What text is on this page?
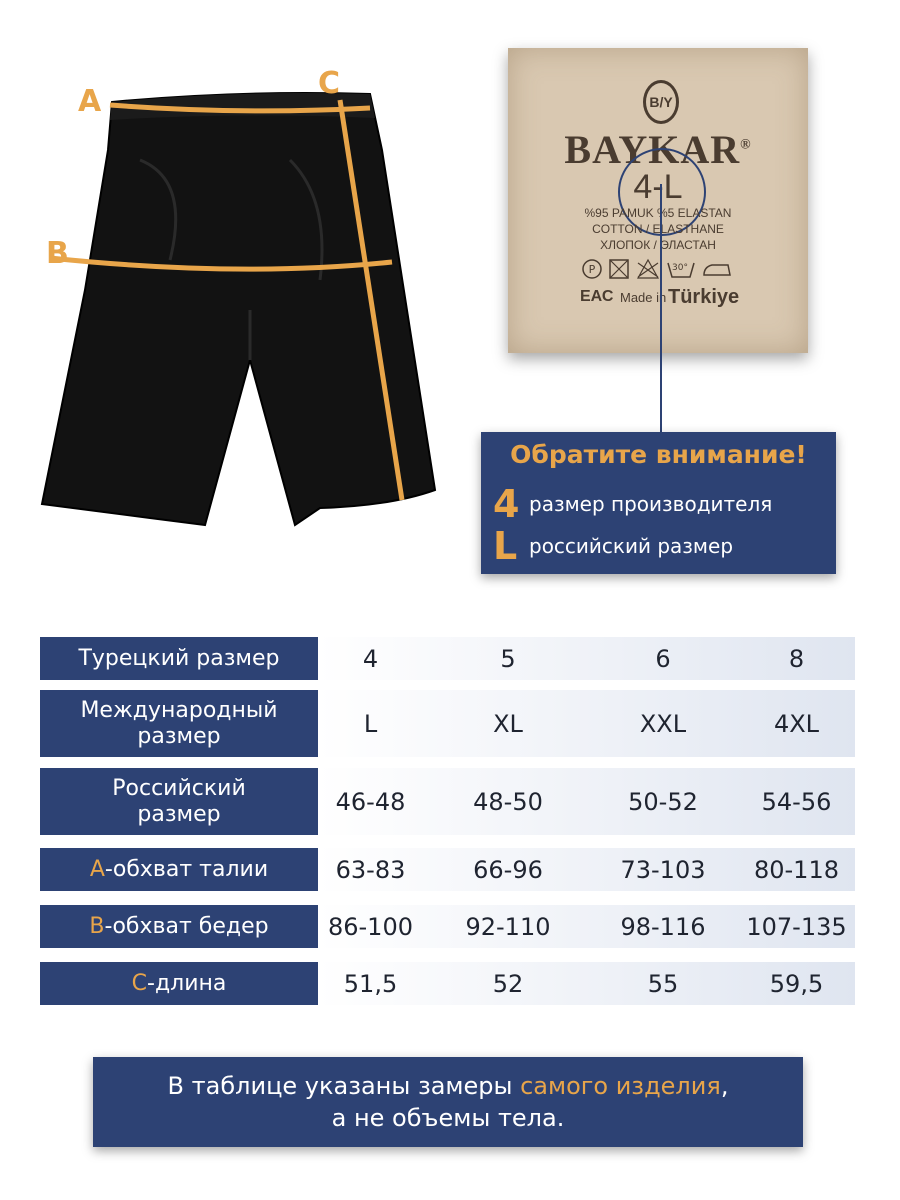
A
C
B
B/Y
BAYKAR®
4-L
%95 PAMUK %5 ELASTAN
COTTON / ELASTHANE
ХЛОПОК / ЭЛАСТАН
P	30°
ЕАС Made in Türkiye
Обратите внимание!
4 размер производителя
L российский размер
Турецкий размер	4	5	6	8
Международный
размер	L	XL	XXL	4XL
Российский
размер	46-48	48-50	50-52	54-56
A -обхват талии	63-83	66-96	73-103	80-118
B -обхват бедер	86-100	92-110	98-116	107-135
C -длина	51,5	52	55	59,5
В таблице указаны замеры самого изделия,
а не объемы тела.
